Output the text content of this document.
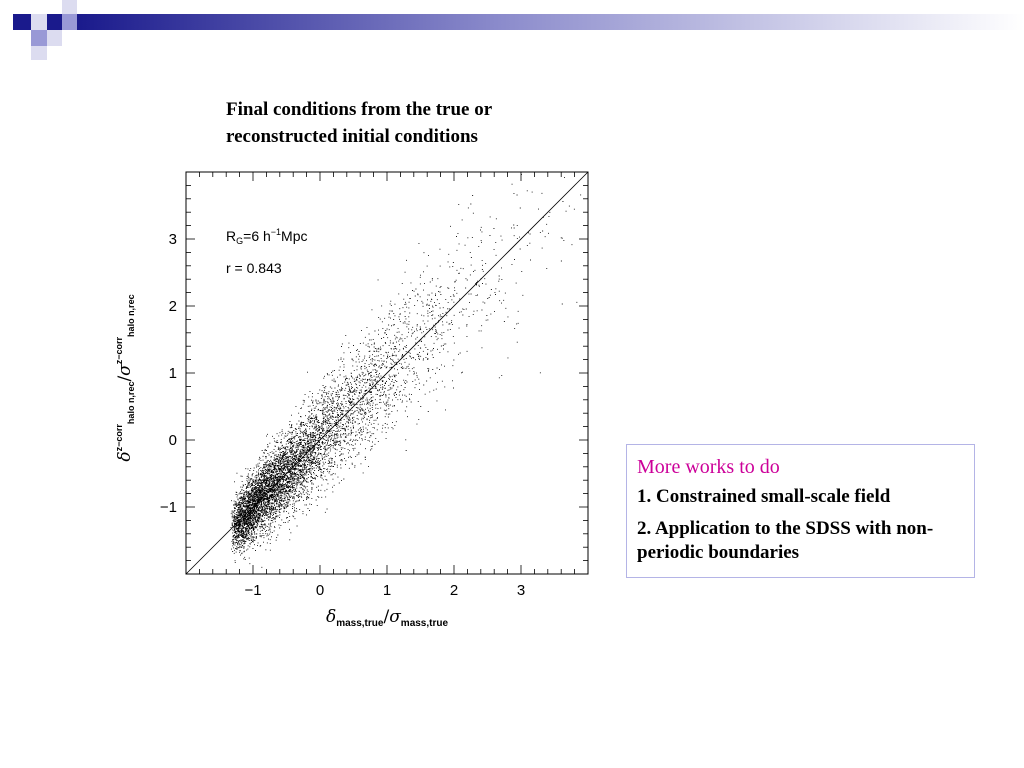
Final conditions from the true or
reconstructed initial conditions
−1	0	1	2	3
−1
0
1
2
3	$R_G=6$ $h^{-1}Mpc$
r = 0.843
$\delta_{mass,true}/\sigma_{mass,true}$
$\delta^{z-corr}_{halo n,rec}/\sigma^{z-corr}_{halo n,rec}$
More works to do
1. Constrained small-scale field
2. Application to the SDSS with non-periodic boundaries
